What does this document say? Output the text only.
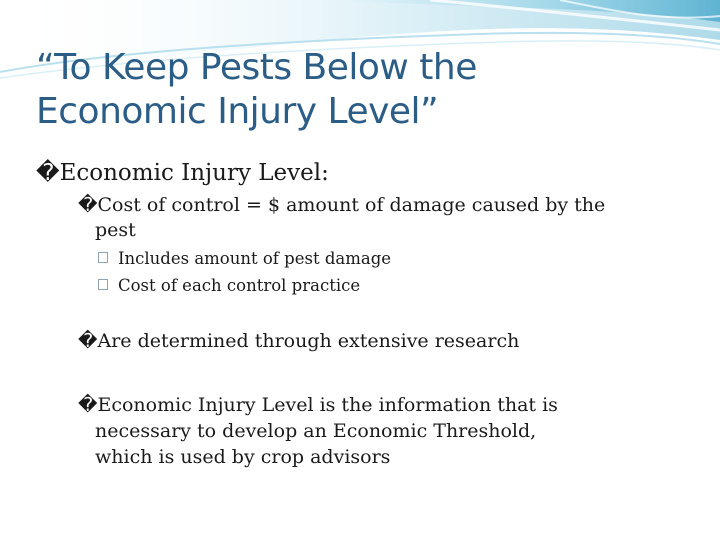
“To Keep Pests Below the
Economic Injury Level”
�Economic Injury Level:
�Cost of control = $ amount of damage caused by the
pest
Includes amount of pest damage
Cost of each control practice
�Are determined through extensive research
�Economic Injury Level is the information that is
necessary to develop an Economic Threshold,
which is used by crop advisors
